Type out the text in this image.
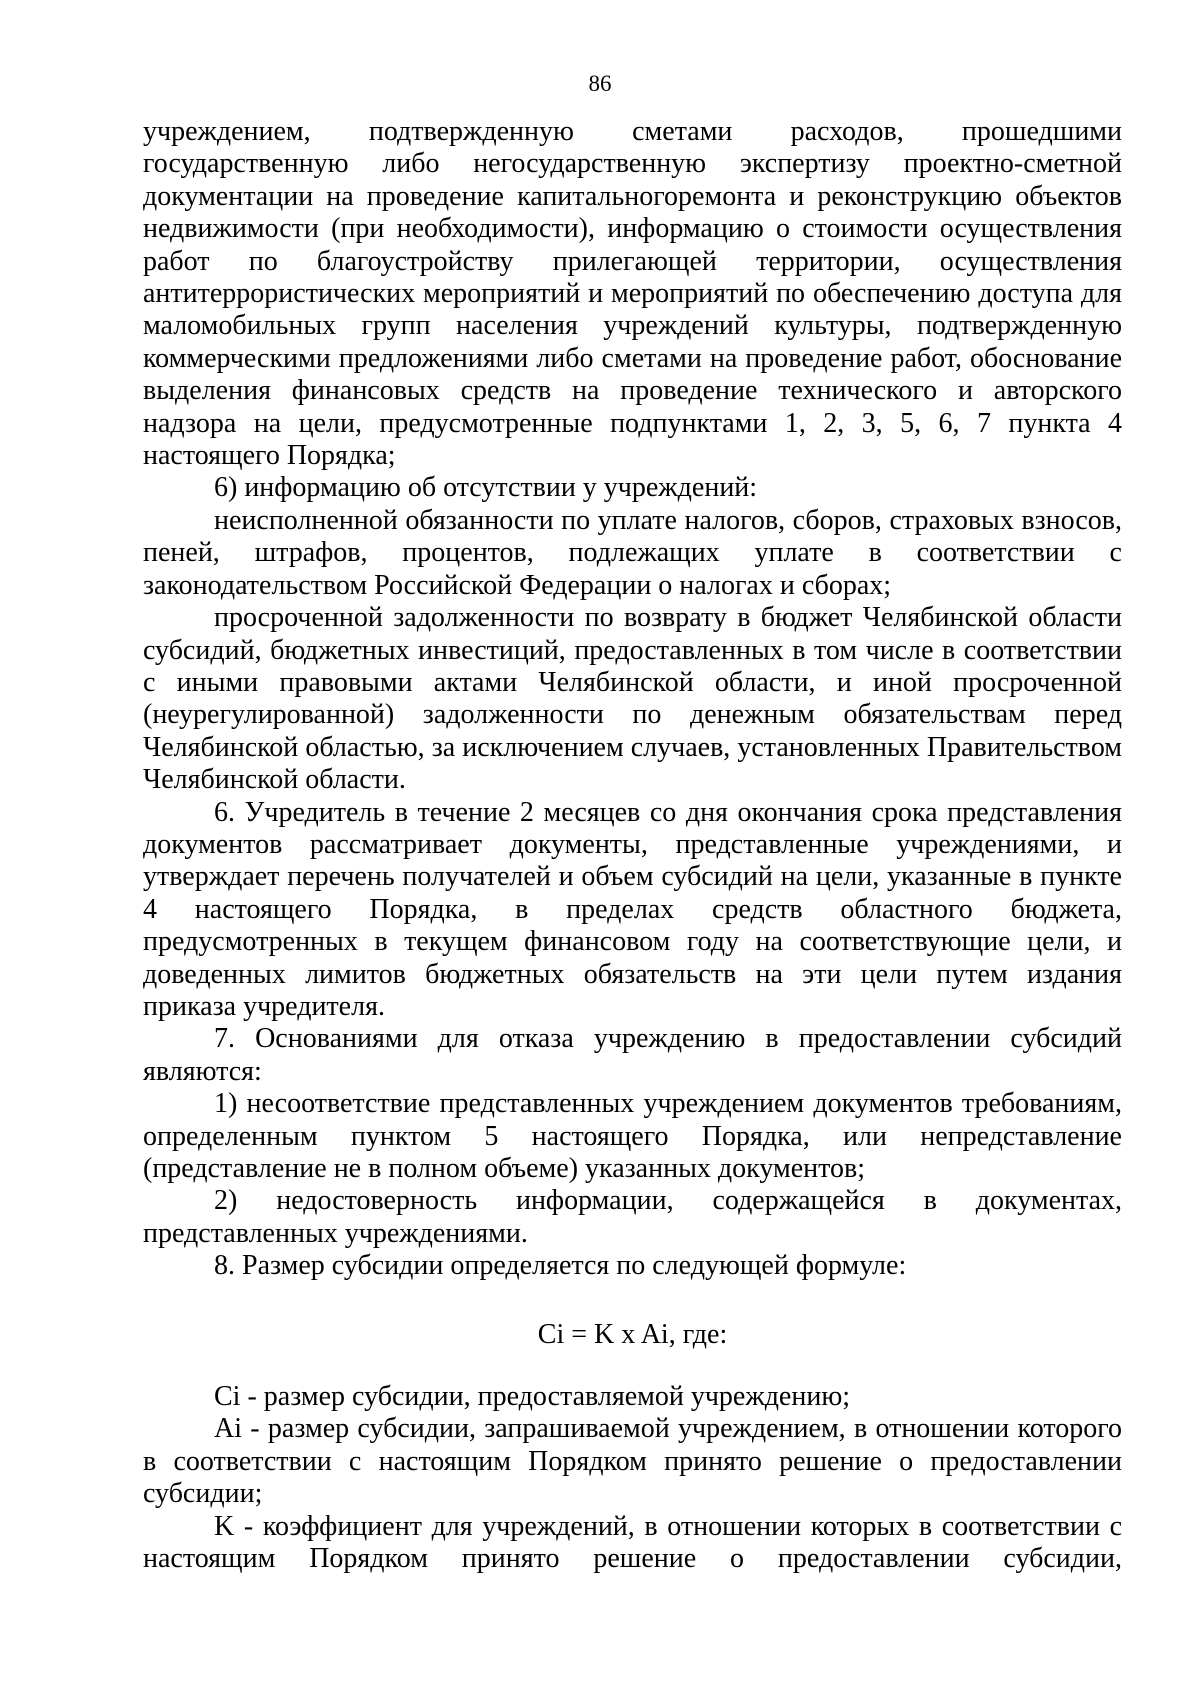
86

учреждением, подтвержденную сметами расходов, прошедшими государственную либо негосударственную экспертизу проектно-сметной документации на проведение капитальногоремонта и реконструкцию объектов недвижимости (при необходимости), информацию о стоимости осуществления работ по благоустройству прилегающей территории, осуществления антитеррористических мероприятий и мероприятий по обеспечению доступа для маломобильных групп населения учреждений культуры, подтвержденную коммерческими предложениями либо сметами на проведение работ, обоснование выделения финансовых средств на проведение технического и авторского надзора на цели, предусмотренные подпунктами 1, 2, 3, 5, 6, 7 пункта 4 настоящего Порядка;

6) информацию об отсутствии у учреждений:

неисполненной обязанности по уплате налогов, сборов, страховых взносов, пеней, штрафов, процентов, подлежащих уплате в соответствии с законодательством Российской Федерации о налогах и сборах;

просроченной задолженности по возврату в бюджет Челябинской области субсидий, бюджетных инвестиций, предоставленных в том числе в соответствии с иными правовыми актами Челябинской области, и иной просроченной (неурегулированной) задолженности по денежным обязательствам перед Челябинской областью, за исключением случаев, установленных Правительством Челябинской области.

6. Учредитель в течение 2 месяцев со дня окончания срока представления документов рассматривает документы, представленные учреждениями, и утверждает перечень получателей и объем субсидий на цели, указанные в пункте 4 настоящего Порядка, в пределах средств областного бюджета, предусмотренных в текущем финансовом году на соответствующие цели, и доведенных лимитов бюджетных обязательств на эти цели путем издания приказа учредителя.

7. Основаниями для отказа учреждению в предоставлении субсидий являются:

1) несоответствие представленных учреждением документов требованиям, определенным пунктом 5 настоящего Порядка, или непредставление (представление не в полном объеме) указанных документов;

2) недостоверность информации, содержащейся в документах, представленных учреждениями.

8. Размер субсидии определяется по следующей формуле:

Ci = K x Ai, где:

Ci - размер субсидии, предоставляемой учреждению;

Ai - размер субсидии, запрашиваемой учреждением, в отношении которого в соответствии с настоящим Порядком принято решение о предоставлении субсидии;

K - коэффициент для учреждений, в отношении которых в соответствии с настоящим Порядком принято решение о предоставлении субсидии,
